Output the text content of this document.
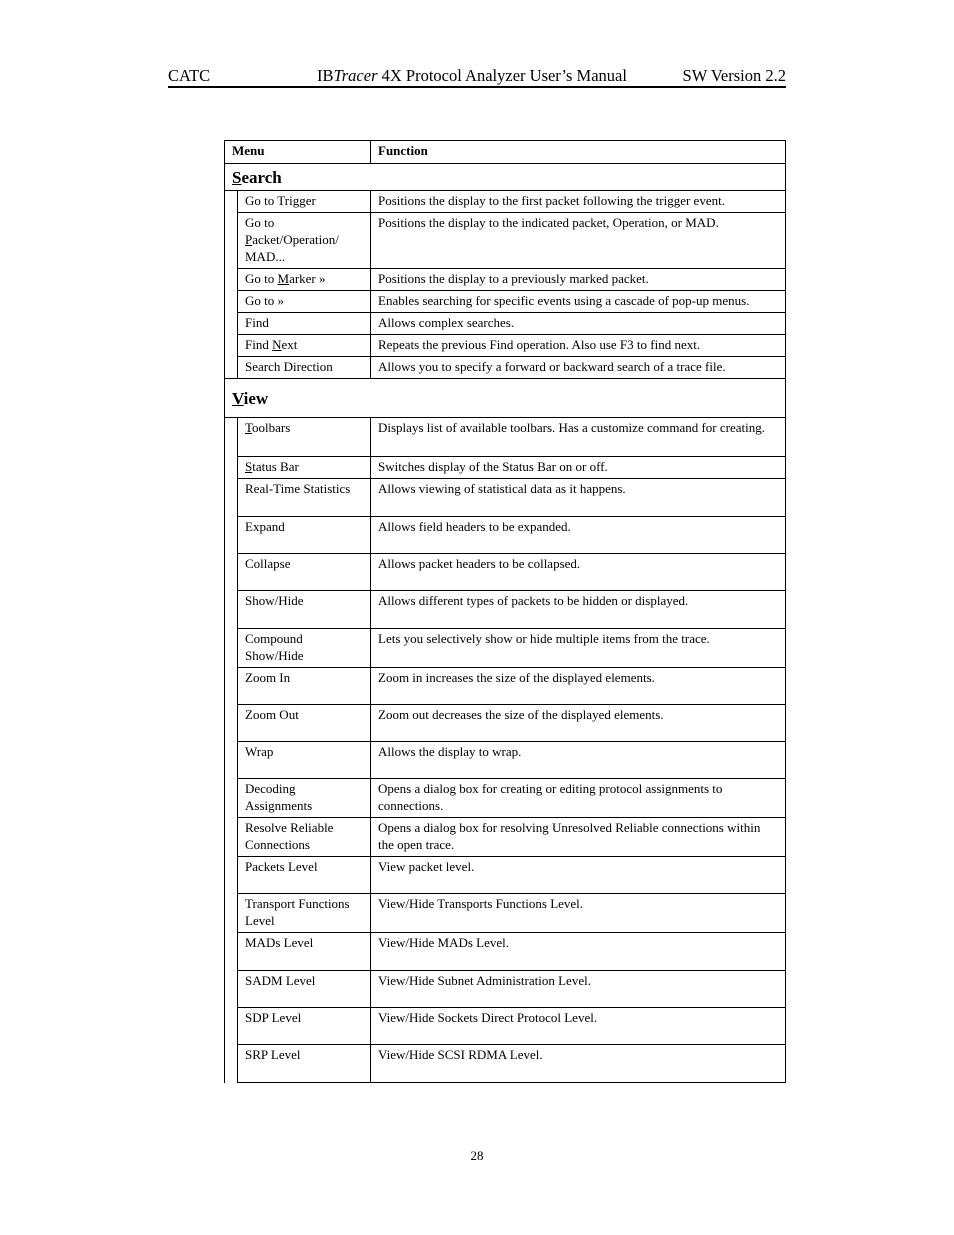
CATC	IBTracer 4X Protocol Analyzer User’s Manual	SW Version 2.2
Menu		Function
Search		
	Go to Trigger	Positions the display to the first packet following the trigger event.
	Go to Packet/Operation/ MAD...	Positions the display to the indicated packet, Operation, or MAD.
	Go to Marker »	Positions the display to a previously marked packet.
	Go to »	Enables searching for specific events using a cascade of pop-up menus.
	Find	Allows complex searches.
	Find Next	Repeats the previous Find operation. Also use F3 to find next.
	Search Direction	Allows you to specify a forward or backward search of a trace file.
View		
	Toolbars	Displays list of available toolbars. Has a customize command for creating.
	Status Bar	Switches display of the Status Bar on or off.
	Real-Time Statistics	Allows viewing of statistical data as it happens.
	Expand	Allows field headers to be expanded.
	Collapse	Allows packet headers to be collapsed.
	Show/Hide	Allows different types of packets to be hidden or displayed.
	Compound Show/Hide	Lets you selectively show or hide multiple items from the trace.
	Zoom In	Zoom in increases the size of the displayed elements.
	Zoom Out	Zoom out decreases the size of the displayed elements.
	Wrap	Allows the display to wrap.
	Decoding Assignments	Opens a dialog box for creating or editing protocol assignments to connections.
	Resolve Reliable Connections	Opens a dialog box for resolving Unresolved Reliable connections within the open trace.
	Packets Level	View packet level.
	Transport Functions Level	View/Hide Transports Functions Level.
	MADs Level	View/Hide MADs Level.
	SADM Level	View/Hide Subnet Administration Level.
	SDP Level	View/Hide Sockets Direct Protocol Level.
	SRP Level	View/Hide SCSI RDMA Level.
28
